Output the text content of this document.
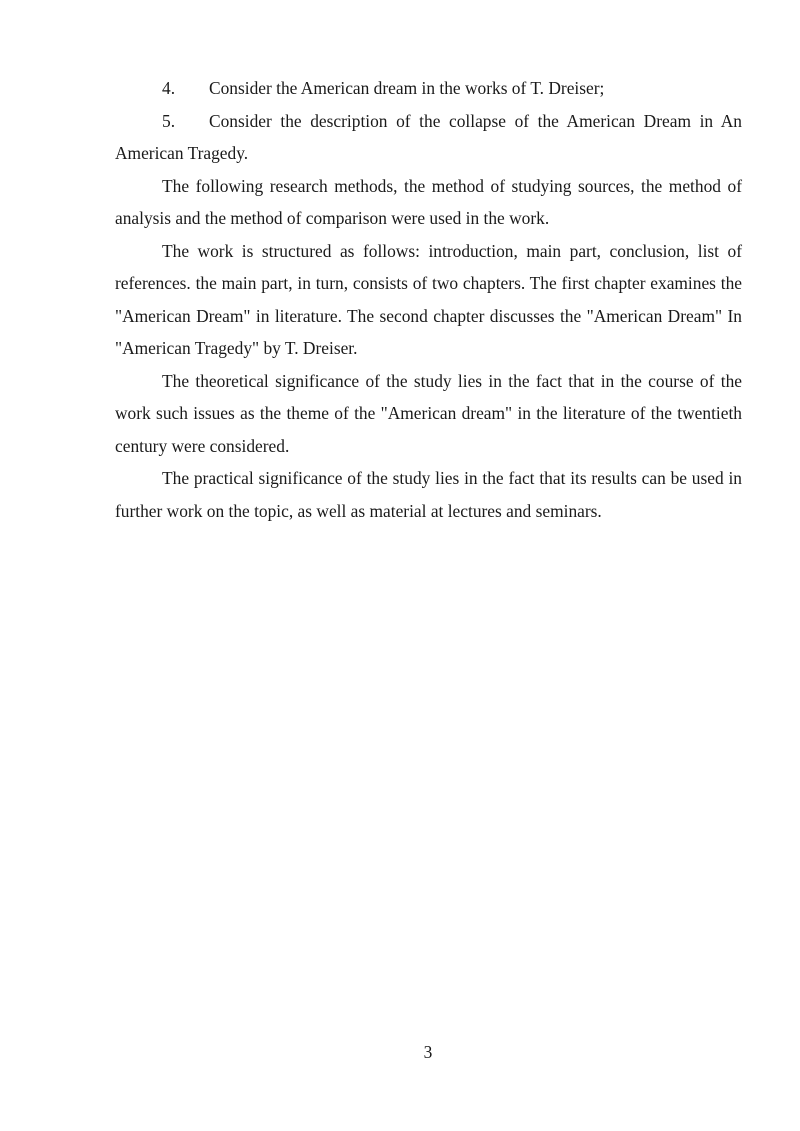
4. Consider the American dream in the works of T. Dreiser;

5. Consider the description of the collapse of the American Dream in An American Tragedy.

The following research methods, the method of studying sources, the method of analysis and the method of comparison were used in the work.

The work is structured as follows: introduction, main part, conclusion, list of references. the main part, in turn, consists of two chapters. The first chapter examines the "American Dream" in literature. The second chapter discusses the "American Dream" In "American Tragedy" by T. Dreiser.

The theoretical significance of the study lies in the fact that in the course of the work such issues as the theme of the "American dream" in the literature of the twentieth century were considered.

The practical significance of the study lies in the fact that its results can be used in further work on the topic, as well as material at lectures and seminars.

3
